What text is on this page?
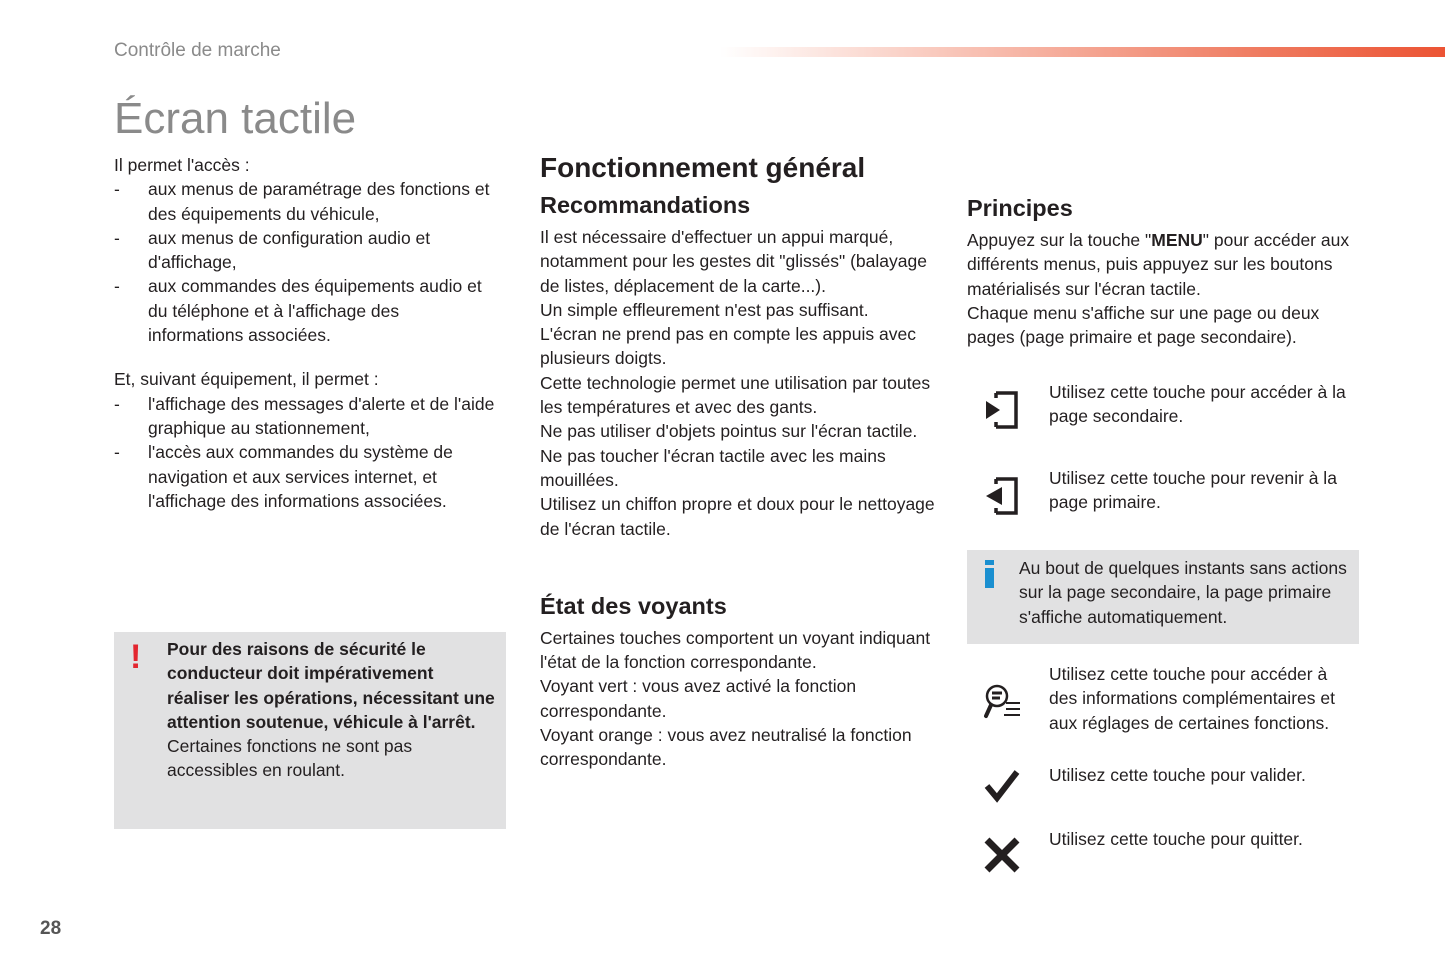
Contrôle de marche
Écran tactile

Il permet l'accès :

- aux menus de paramétrage des fonctions et des équipements du véhicule,
- aux menus de configuration audio et d'affichage,
- aux commandes des équipements audio et du téléphone et à l'affichage des informations associées.

Et, suivant équipement, il permet :

- l'affichage des messages d'alerte et de l'aide graphique au stationnement,
- l'accès aux commandes du système de navigation et aux services internet, et l'affichage des informations associées.
! Pour des raisons de sécurité le conducteur doit impérativement réaliser les opérations, nécessitant une attention soutenue, véhicule à l'arrêt.

Certaines fonctions ne sont pas accessibles en roulant.

Fonctionnement général
Recommandations

Il est nécessaire d'effectuer un appui marqué, notamment pour les gestes dit "glissés" (balayage de listes, déplacement de la carte...).

Un simple effleurement n'est pas suffisant.

L'écran ne prend pas en compte les appuis avec plusieurs doigts.

Cette technologie permet une utilisation par toutes les températures et avec des gants.

Ne pas utiliser d'objets pointus sur l'écran tactile.

Ne pas toucher l'écran tactile avec les mains mouillées.

Utilisez un chiffon propre et doux pour le nettoyage de l'écran tactile.

État des voyants

Certaines touches comportent un voyant indiquant l'état de la fonction correspondante.

Voyant vert : vous avez activé la fonction correspondante.

Voyant orange : vous avez neutralisé la fonction correspondante.

Principes

Appuyez sur la touche "MENU" pour accéder aux différents menus, puis appuyez sur les boutons matérialisés sur l'écran tactile.

Chaque menu s'affiche sur une page ou deux pages (page primaire et page secondaire).

Utilisez cette touche pour accéder à la page secondaire.
Utilisez cette touche pour revenir à la page primaire.
Au bout de quelques instants sans actions sur la page secondaire, la page primaire s'affiche automatiquement.
Utilisez cette touche pour accéder à des informations complémentaires et aux réglages de certaines fonctions.
Utilisez cette touche pour valider.
Utilisez cette touche pour quitter.
28
